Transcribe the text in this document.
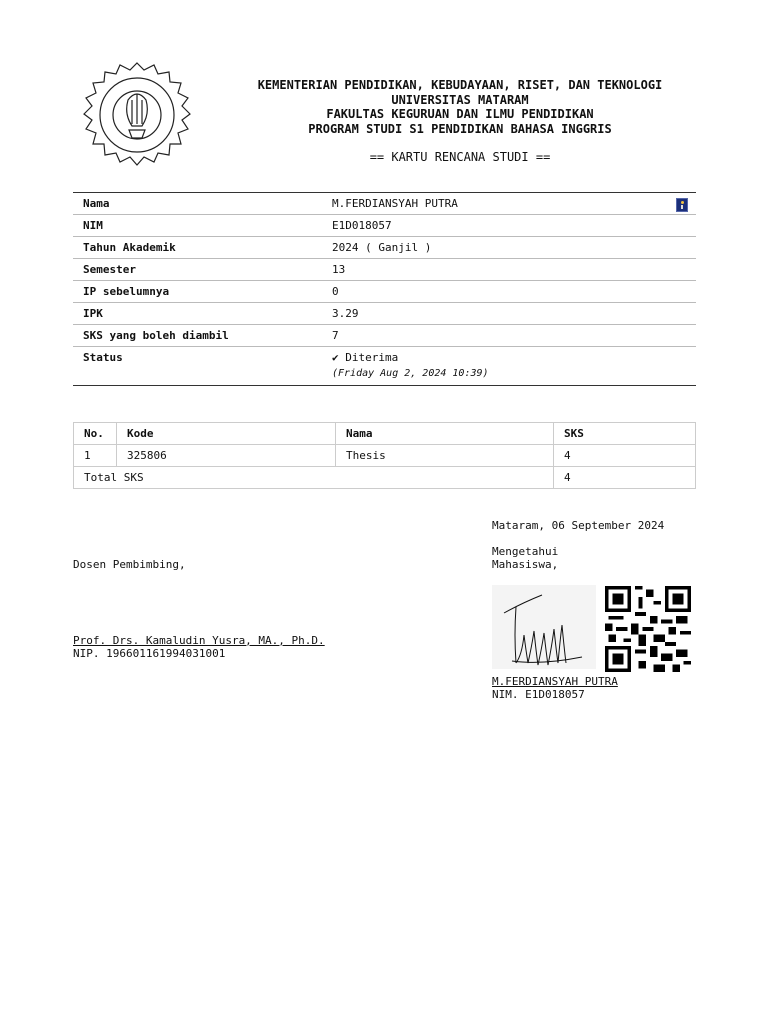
KEMENTERIAN PENDIDIKAN, KEBUDAYAAN, RISET, DAN TEKNOLOGI
UNIVERSITAS MATARAM
FAKULTAS KEGURUAN DAN ILMU PENDIDIKAN
PROGRAM STUDI S1 PENDIDIKAN BAHASA INGGRIS
== KARTU RENCANA STUDI ==
Nama	M.FERDIANSYAH PUTRA
NIM	E1D018057
Tahun Akademik	2024 ( Ganjil )
Semester	13
IP sebelumnya	0
IPK	3.29
SKS yang boleh diambil	7
Status	✔ Diterima
(Friday Aug 2, 2024 10:39)
No.	Kode	Nama	SKS
1	325806	Thesis	4
Total SKS			4
Mataram, 06 September 2024
Mengetahui
Mahasiswa,
Dosen Pembimbing,
Prof. Drs. Kamaludin Yusra, MA., Ph.D.
NIP. 196601161994031001
M.FERDIANSYAH PUTRA
NIM. E1D018057
